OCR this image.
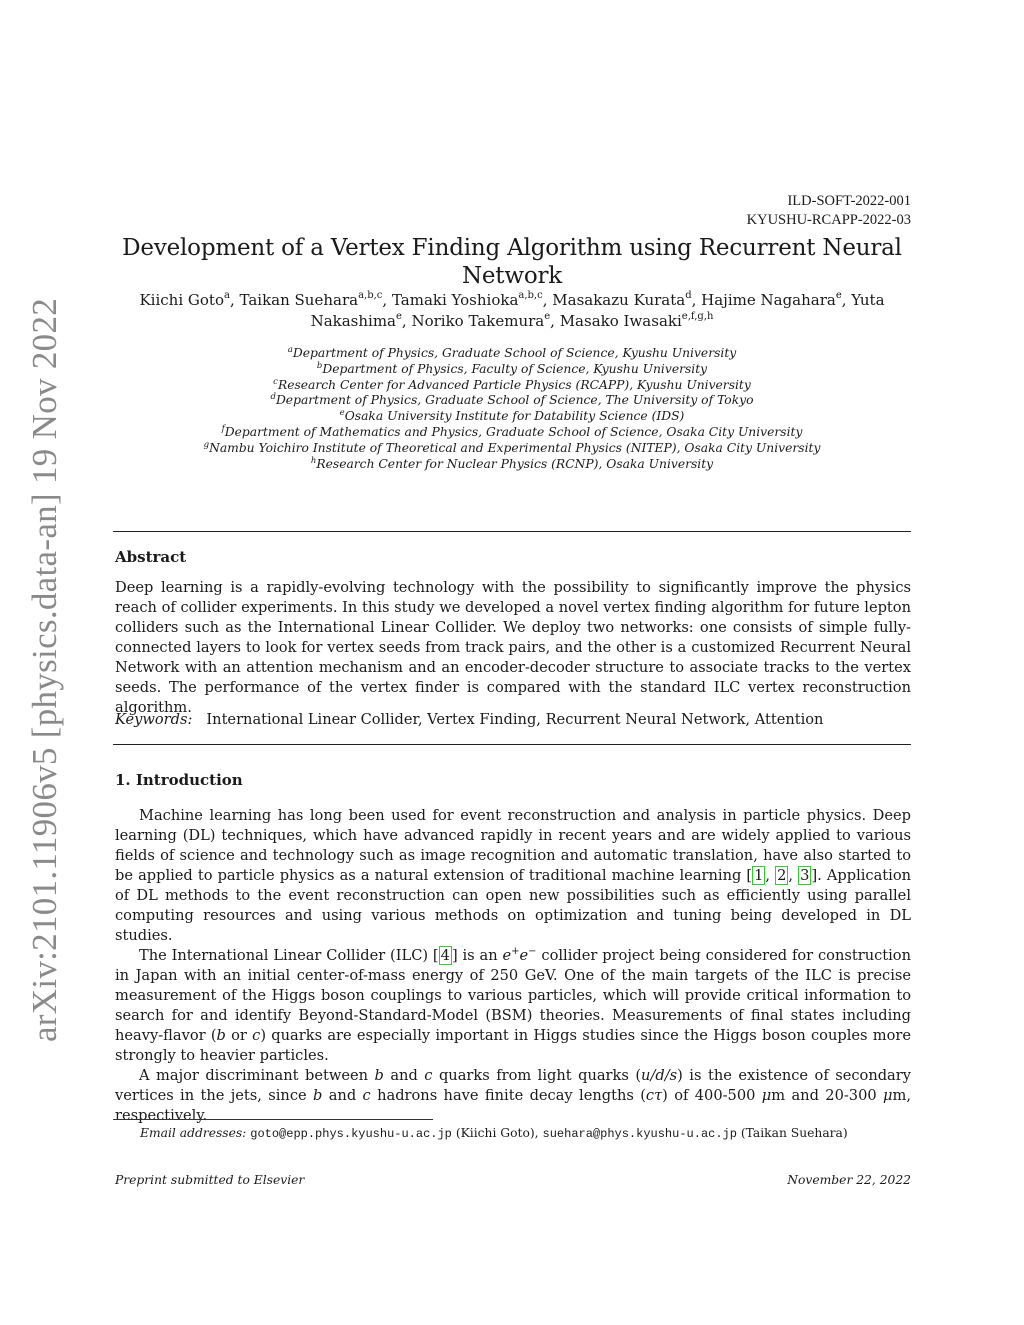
arXiv:2101.11906v5 [physics.data-an] 19 Nov 2022
ILD-SOFT-2022-001
KYUSHU-RCAPP-2022-03
Development of a Vertex Finding Algorithm using Recurrent Neural Network
Kiichi Goto$^a$, Taikan Suehara$^{a,b,c}$, Tamaki Yoshioka$^{a,b,c}$, Masakazu Kurata$^d$, Hajime Nagahara$^e$, Yuta
Nakashima$^e$, Noriko Takemura$^e$, Masako Iwasaki$^{e,f,g,h}$
$^a$Department of Physics, Graduate School of Science, Kyushu University
$^b$Department of Physics, Faculty of Science, Kyushu University
$^c$Research Center for Advanced Particle Physics (RCAPP), Kyushu University
$^d$Department of Physics, Graduate School of Science, The University of Tokyo
$^e$Osaka University Institute for Datability Science (IDS)
$^f$Department of Mathematics and Physics, Graduate School of Science, Osaka City University
$^g$Nambu Yoichiro Institute of Theoretical and Experimental Physics (NITEP), Osaka City University
$^h$Research Center for Nuclear Physics (RCNP), Osaka University
Abstract
Deep learning is a rapidly-evolving technology with the possibility to significantly improve the physics reach of collider experiments. In this study we developed a novel vertex finding algorithm for future lepton colliders such as the International Linear Collider. We deploy two networks: one consists of simple fully-connected layers to look for vertex seeds from track pairs, and the other is a customized Recurrent Neural Network with an attention mechanism and an encoder-decoder structure to associate tracks to the vertex seeds. The performance of the vertex finder is compared with the standard ILC vertex reconstruction algorithm.
Keywords: International Linear Collider, Vertex Finding, Recurrent Neural Network, Attention
1. Introduction

Machine learning has long been used for event reconstruction and analysis in particle physics. Deep learning (DL) techniques, which have advanced rapidly in recent years and are widely applied to various fields of science and technology such as image recognition and automatic translation, have also started to be applied to particle physics as a natural extension of traditional machine learning [ 1 , 2 , 3 ]. Application of DL methods to the event reconstruction can open new possibilities such as efficiently using parallel computing resources and using various methods on optimization and tuning being developed in DL studies.

The International Linear Collider (ILC) [ 4 ] is an e+e− collider project being considered for construction in Japan with an initial center-of-mass energy of 250 GeV. One of the main targets of the ILC is precise measurement of the Higgs boson couplings to various particles, which will provide critical information to search for and identify Beyond-Standard-Model (BSM) theories. Measurements of final states including heavy-flavor (b or c) quarks are especially important in Higgs studies since the Higgs boson couples more strongly to heavier particles.

A major discriminant between b and c quarks from light quarks (u/d/s) is the existence of secondary vertices in the jets, since b and c hadrons have finite decay lengths (cτ) of 400-500 μm and 20-300 μm, respectively.

Email addresses: goto@epp.phys.kyushu-u.ac.jp (Kiichi Goto), suehara@phys.kyushu-u.ac.jp (Taikan Suehara)
Preprint submitted to Elsevier	November 22, 2022
